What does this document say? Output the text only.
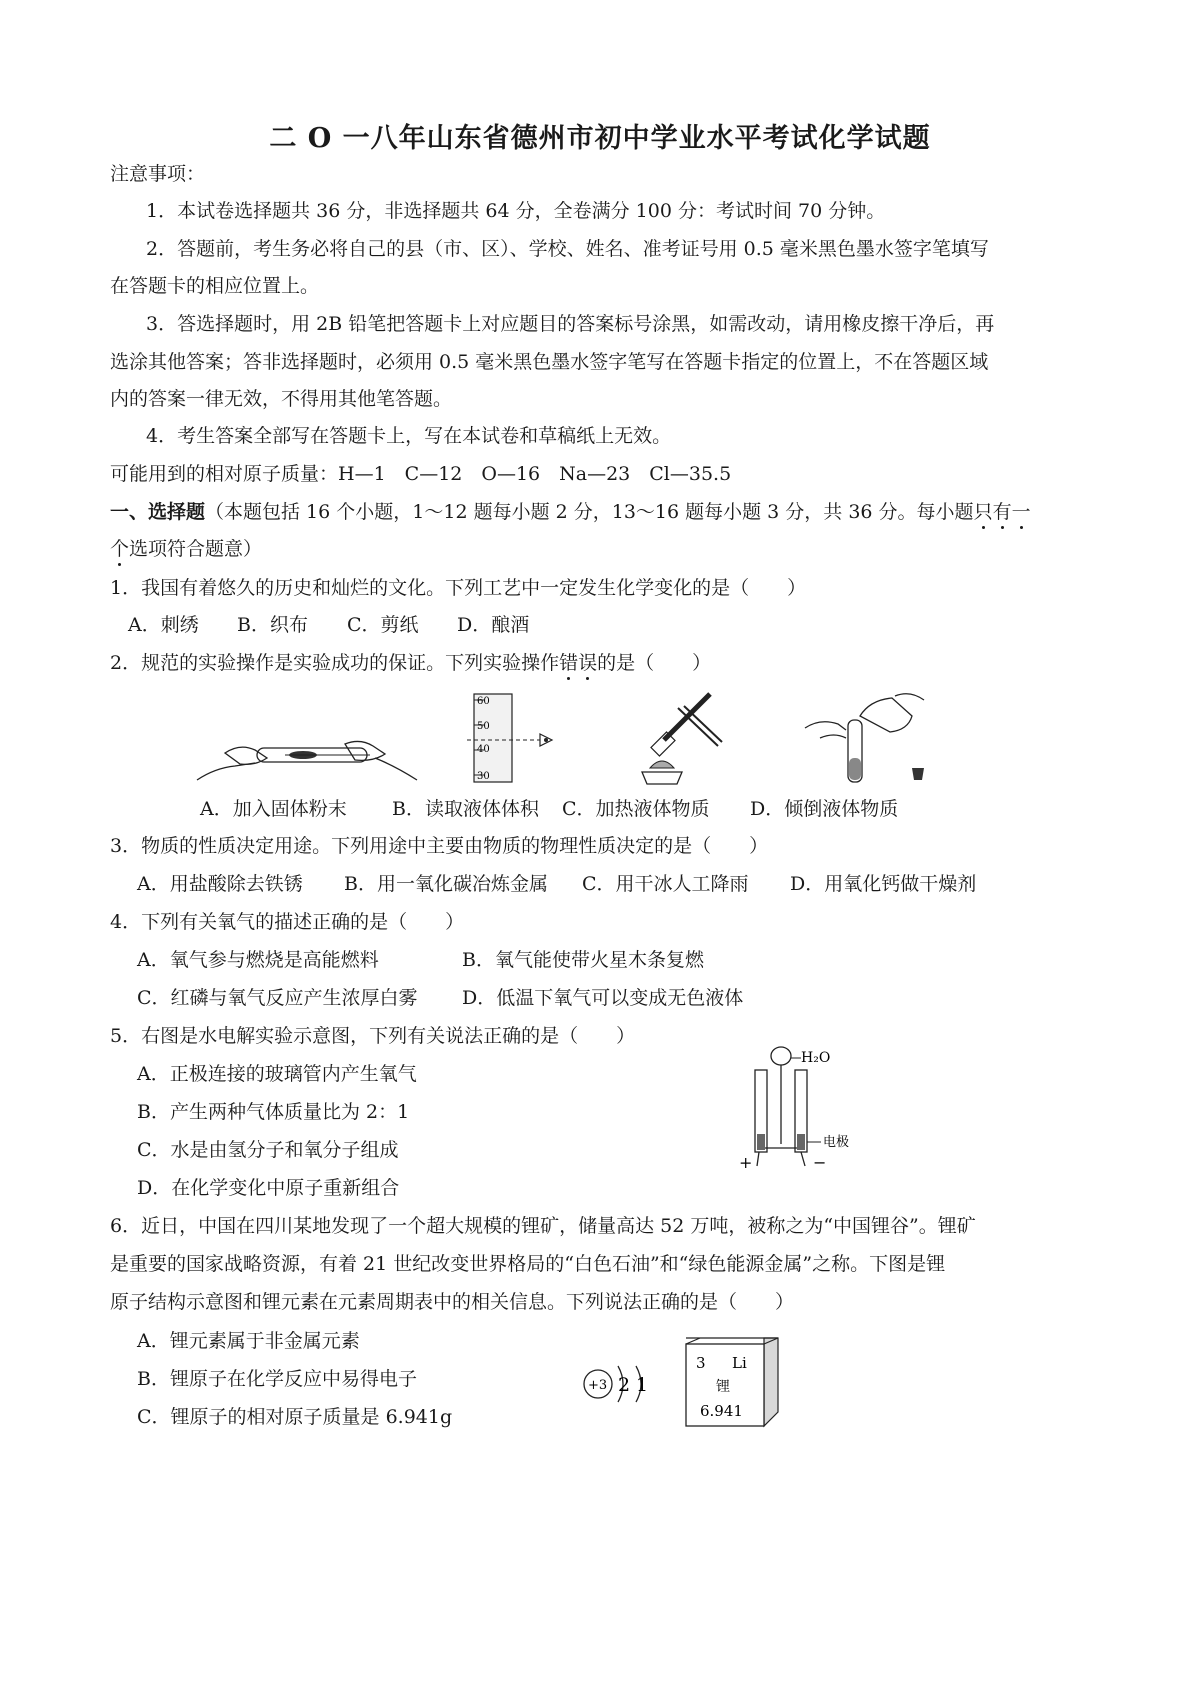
二 O 一八年山东省德州市初中学业水平考试化学试题
注意事项：
1．本试卷选择题共 36 分，非选择题共 64 分，全卷满分 100 分：考试时间 70 分钟。
2．答题前，考生务必将自己的县（市、区）、学校、姓名、准考证号用 0.5 毫米黑色墨水签字笔填写
在答题卡的相应位置上。
3．答选择题时，用 2B 铅笔把答题卡上对应题目的答案标号涂黑，如需改动，请用橡皮擦干净后，再
选涂其他答案；答非选择题时，必须用 0.5 毫米黑色墨水签字笔写在答题卡指定的位置上，不在答题区域
内的答案一律无效，不得用其他笔答题。
4．考生答案全部写在答题卡上，写在本试卷和草稿纸上无效。
可能用到的相对原子质量：H—1　C—12　O—16　Na—23　Cl—35.5
一、选择题（本题包括 16 个小题，1～12 题每小题 2 分，13～16 题每小题 3 分，共 36 分。每小题只有一
个选项符合题意）
1．我国有着悠久的历史和灿烂的文化。下列工艺中一定发生化学变化的是（　　）
A．刺绣 B．织布 C．剪纸 D．酿酒
2．规范的实验操作是实验成功的保证。下列实验操作错误的是（　　）
60
50
40
30
A．加入固体粉末 B．读取液体体积 C．加热液体物质 D．倾倒液体物质
3．物质的性质决定用途。下列用途中主要由物质的物理性质决定的是（　　）
A．用盐酸除去铁锈 B．用一氧化碳冶炼金属 C．用干冰人工降雨 D．用氧化钙做干燥剂
4．下列有关氧气的描述正确的是（　　）
A．氧气参与燃烧是高能燃料	B．氧气能使带火星木条复燃
C．红磷与氧气反应产生浓厚白雾 D．低温下氧气可以变成无色液体
5．右图是水电解实验示意图，下列有关说法正确的是（　　）
A．正极连接的玻璃管内产生氧气
B．产生两种气体质量比为 2：1
C．水是由氢分子和氧分子组成
D．在化学变化中原子重新组合
H₂O
电极
+	−
6．近日，中国在四川某地发现了一个超大规模的锂矿，储量高达 52 万吨，被称之为“中国锂谷”。锂矿
是重要的国家战略资源，有着 21 世纪改变世界格局的“白色石油”和“绿色能源金属”之称。下图是锂
原子结构示意图和锂元素在元素周期表中的相关信息。下列说法正确的是（　　）
A．锂元素属于非金属元素
B．锂原子在化学反应中易得电子
C．锂原子的相对原子质量是 6.941g
+3 2 1
3 Li
锂
6.941
